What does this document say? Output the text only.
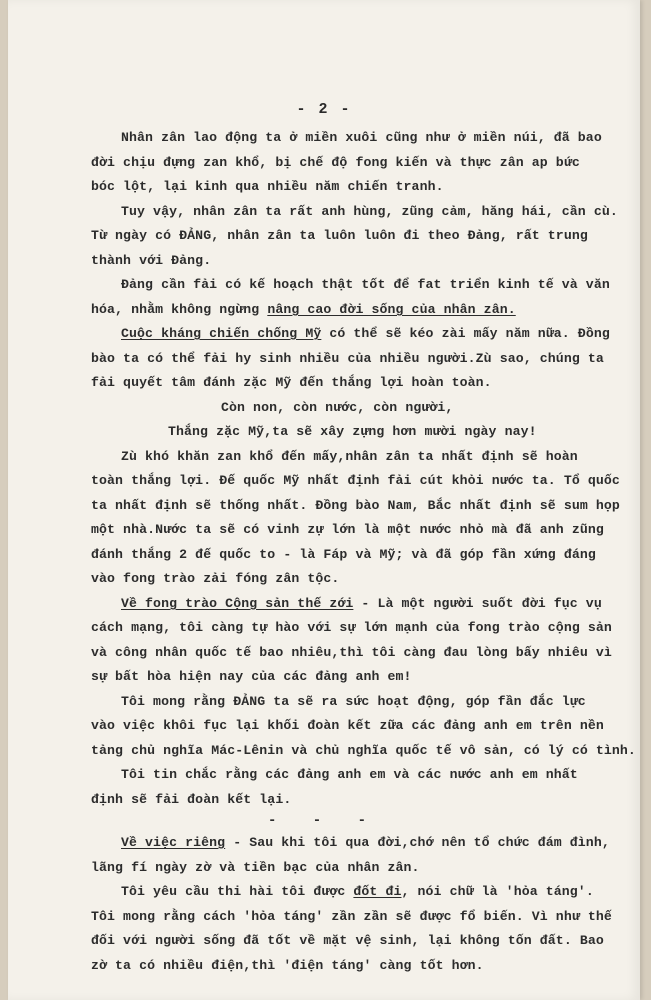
- 2 -
Nhân zân lao động ta ở miền xuôi cũng như ở miền núi, đã bao
đời chịu đựng zan khổ, bị chế độ fong kiến và thực zân ap bức
bóc lột, lại kinh qua nhiều năm chiến tranh.
Tuy vậy, nhân zân ta rất anh hùng, zũng cảm, hăng hái, cần cù.
Từ ngày có ĐẢNG, nhân zân ta luôn luôn đi theo Đảng, rất trung
thành với Đảng.
Đảng cần fải có kế hoạch thật tốt để fat triển kinh tế và văn
hóa, nhằm không ngừng nâng cao đời sống của nhân zân.
Cuộc kháng chiến chống Mỹ có thể sẽ kéo zài mấy năm nữa. Đồng
bào ta có thể fải hy sinh nhiều của nhiều người.Zù sao, chúng ta
fải quyết tâm đánh zặc Mỹ đến thắng lợi hoàn toàn.
Còn non, còn nước, còn người,
Thắng zặc Mỹ,ta sẽ xây zựng hơn mười ngày nay!
Zù khó khăn zan khổ đến mấy,nhân zân ta nhất định sẽ hoàn
toàn thắng lợi. Đế quốc Mỹ nhất định fải cút khỏi nước ta. Tổ quốc
ta nhất định sẽ thống nhất. Đồng bào Nam, Bắc nhất định sẽ sum họp
một nhà.Nước ta sẽ có vinh zự lớn là một nước nhỏ mà đã anh zũng
đánh thắng 2 đế quốc to - là Fáp và Mỹ; và đã góp fần xứng đáng
vào fong trào zải fóng zân tộc.
Về fong trào Cộng sản thế zới - Là một người suốt đời fục vụ
cách mạng, tôi càng tự hào với sự lớn mạnh của fong trào cộng sản
và công nhân quốc tế bao nhiêu,thì tôi càng đau lòng bấy nhiêu vì
sự bất hòa hiện nay của các đảng anh em!
Tôi mong rằng ĐẢNG ta sẽ ra sức hoạt động, góp fần đắc lực
vào việc khôi fục lại khối đoàn kết zữa các đảng anh em trên nền
tảng chủ nghĩa Mác-Lênin và chủ nghĩa quốc tế vô sản, có lý có tình.
Tôi tin chắc rằng các đảng anh em và các nước anh em nhất
định sẽ fải đoàn kết lại.
- - -
Về việc riêng - Sau khi tôi qua đời,chớ nên tổ chức đám đình,
lãng fí ngày zờ và tiền bạc của nhân zân.
Tôi yêu cầu thi hài tôi được đốt đi, nói chữ là 'hỏa táng'.
Tôi mong rằng cách 'hỏa táng' zần zần sẽ được fổ biến. Vì như thế
đối với người sống đã tốt về mặt vệ sinh, lại không tốn đất. Bao
zờ ta có nhiều điện,thì 'điện táng' càng tốt hơn.
